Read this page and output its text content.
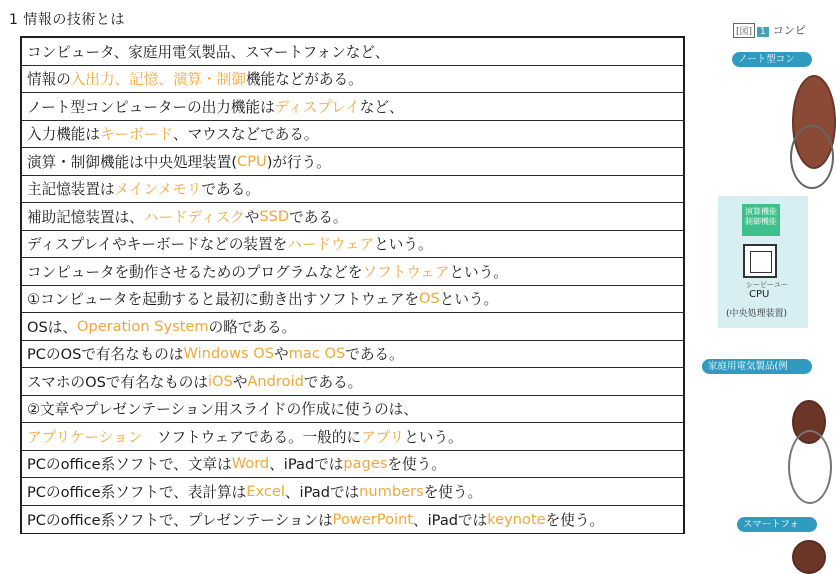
1 情報の技術とは
コンピュータ、家庭用電気製品、スマートフォンなど、
情報の 入出力、記憶、演算・制御 機能などがある。
ノート型コンピューターの出力機能は ディスプレイ など、
入力機能は キーボード 、マウスなどである。
演算・制御機能は中央処理装置( CPU )が行う。
主記憶装置は メインメモリ である。
補助記憶装置は、 ハードディスク や SSD である。
ディスプレイやキーボードなどの装置を ハードウェア という。
コンピュータを動作させるためのプログラムなどを ソフトウェア という。
①コンピュータを起動すると最初に動き出すソフトウェアを OS という。
OSは、 Operation System の略である。
PCのOSで有名なものは Windows OS や mac OS である。
スマホのOSで有名なものは iOS や Android である。
②文章やプレゼンテーション用スライドの作成に使うのは、
アプリケーション 　ソフトウェアである。一般的に アプリ という。
PCのoffice系ソフトで、文章は Word 、iPadでは pages を使う。
PCのoffice系ソフトで、表計算は Excel 、iPadでは numbers を使う。
PCのoffice系ソフトで、プレゼンテーションは PowerPoint 、iPadでは keynote を使う。
[図] 1 コンピ
ノート型コン
演算機能
制御機能
シーピーユー
CPU
(中央処理装置)
家庭用電気製品(例
スマートフォ
